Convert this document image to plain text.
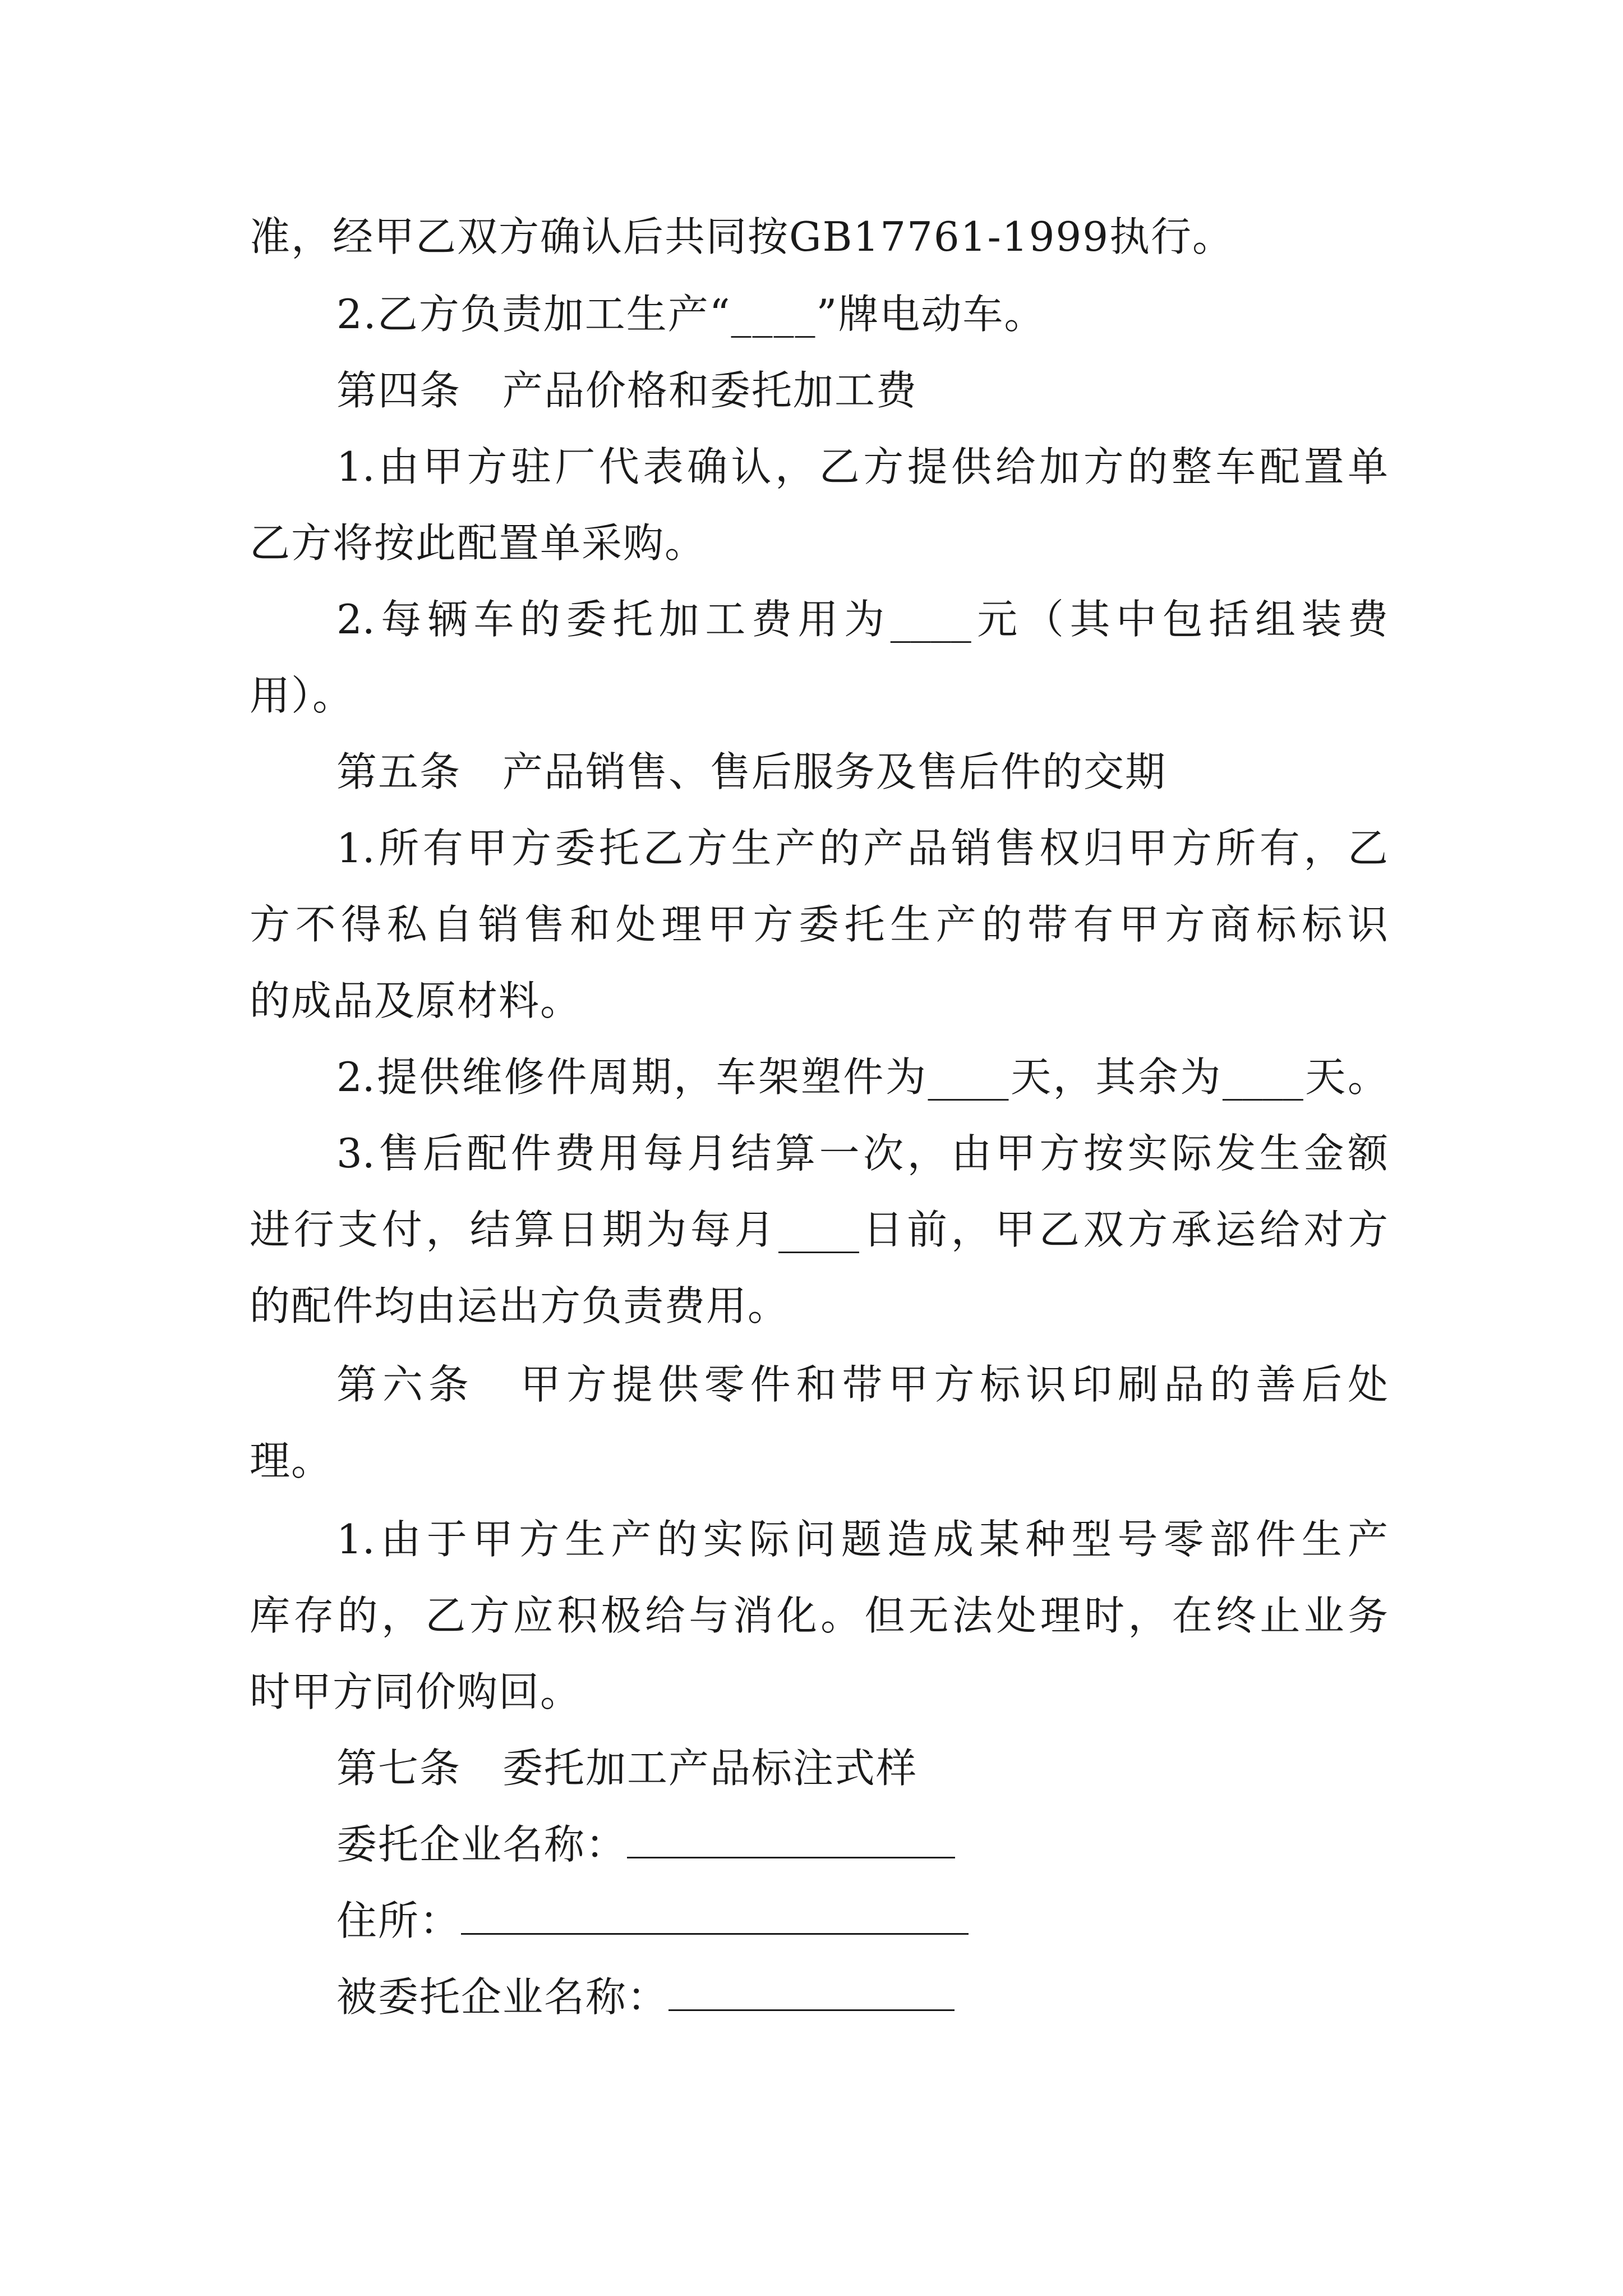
准，经甲乙双方确认后共同按GB17761-1999执行。
2.乙方负责加工生产“____”牌电动车。
第四条　产品价格和委托加工费
1.由甲方驻厂代表确认，乙方提供给加方的整车配置单
乙方将按此配置单采购。
2.每辆车的委托加工费用为____元（其中包括组装费
用）。
第五条　产品销售、售后服务及售后件的交期
1.所有甲方委托乙方生产的产品销售权归甲方所有，乙
方不得私自销售和处理甲方委托生产的带有甲方商标标识
的成品及原材料。
2.提供维修件周期，车架塑件为____天，其余为____天。
3.售后配件费用每月结算一次，由甲方按实际发生金额
进行支付，结算日期为每月____日前，甲乙双方承运给对方
的配件均由运出方负责费用。
第六条　甲方提供零件和带甲方标识印刷品的善后处
理。
1.由于甲方生产的实际问题造成某种型号零部件生产
库存的，乙方应积极给与消化。但无法处理时，在终止业务
时甲方同价购回。
第七条　委托加工产品标注式样
委托企业名称：
住所：
被委托企业名称：
